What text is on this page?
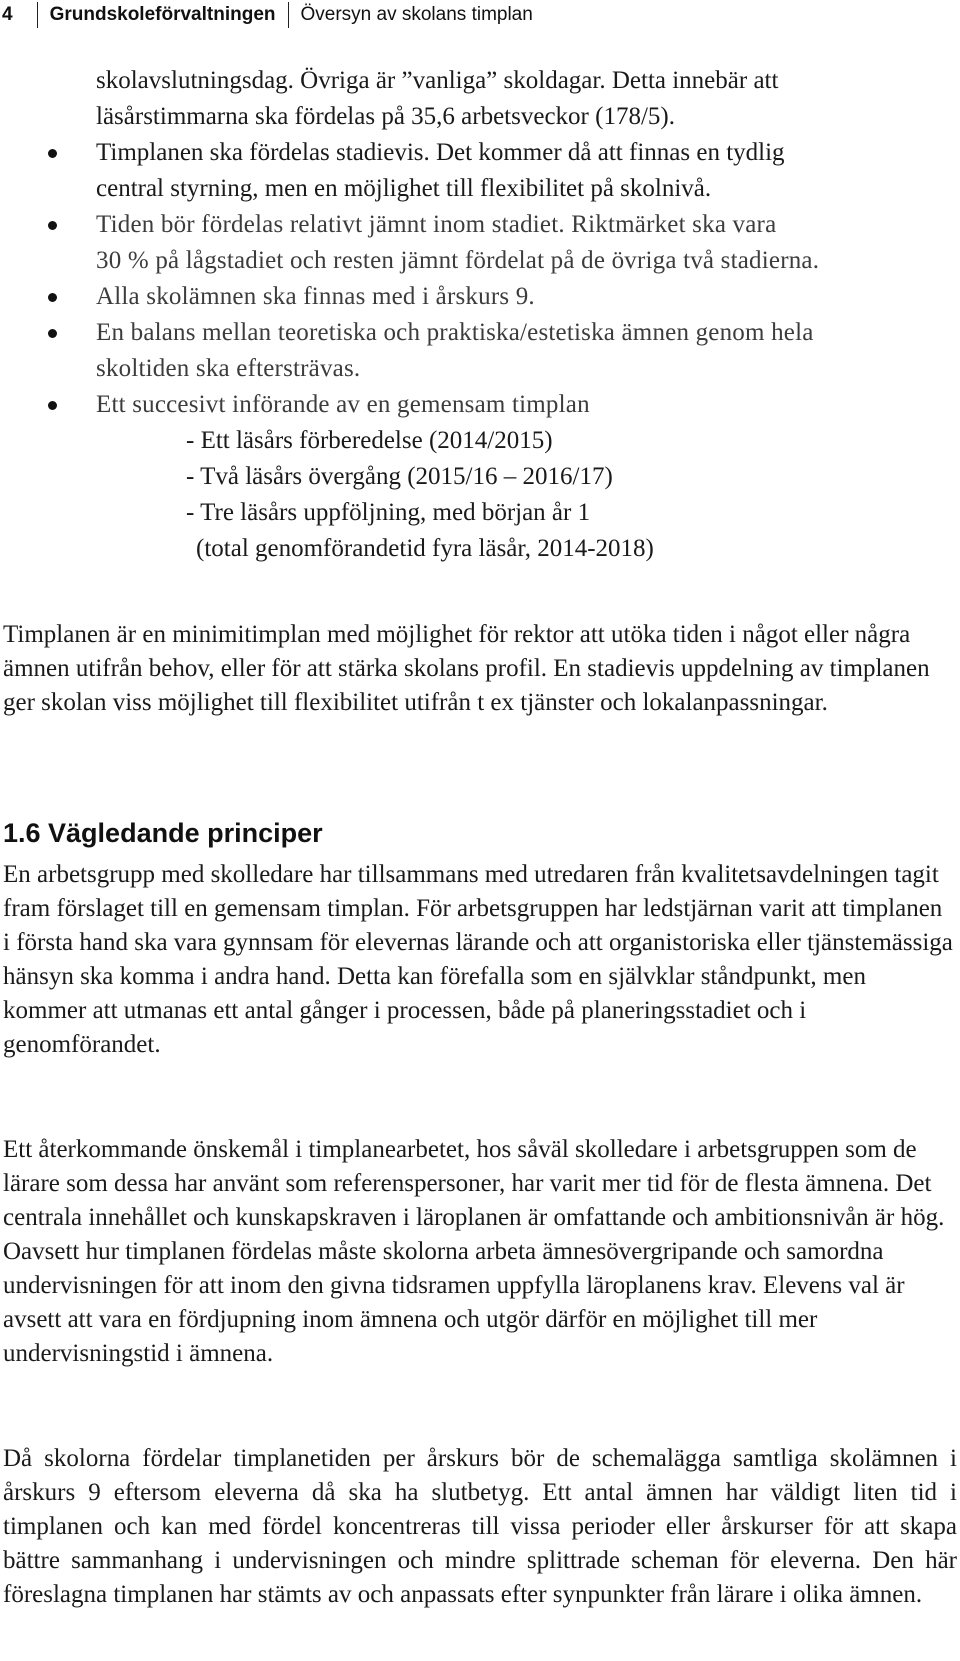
4 Grundskoleförvaltningen Översyn av skolans timplan
skolavslutningsdag. Övriga är ”vanliga” skoldagar. Detta innebär att
läsårstimmarna ska fördelas på 35,6 arbetsveckor (178/5).
Timplanen ska fördelas stadievis. Det kommer då att finnas en tydlig
central styrning, men en möjlighet till flexibilitet på skolnivå.
Tiden bör fördelas relativt jämnt inom stadiet. Riktmärket ska vara
30 % på lågstadiet och resten jämnt fördelat på de övriga två stadierna.
Alla skolämnen ska finnas med i årskurs 9.
En balans mellan teoretiska och praktiska/estetiska ämnen genom hela
skoltiden ska eftersträvas.
Ett succesivt införande av en gemensam timplan
- Ett läsårs förberedelse (2014/2015)
- Två läsårs övergång (2015/16 – 2016/17)
- Tre läsårs uppföljning, med början år 1
(total genomförandetid fyra läsår, 2014-2018)

Timplanen är en minimitimplan med möjlighet för rektor att utöka tiden i något eller några ämnen utifrån behov, eller för att stärka skolans profil. En stadievis uppdelning av timplanen ger skolan viss möjlighet till flexibilitet utifrån t ex tjänster och lokalanpassningar.

1.6 Vägledande principer

En arbetsgrupp med skolledare har tillsammans med utredaren från kvalitetsavdelningen tagit fram förslaget till en gemensam timplan. För arbetsgruppen har ledstjärnan varit att timplanen i första hand ska vara gynnsam för elevernas lärande och att organistoriska eller tjänstemässiga hänsyn ska komma i andra hand. Detta kan förefalla som en självklar ståndpunkt, men kommer att utmanas ett antal gånger i processen, både på planeringsstadiet och i genomförandet.

Ett återkommande önskemål i timplanearbetet, hos såväl skolledare i arbetsgruppen som de lärare som dessa har använt som referenspersoner, har varit mer tid för de flesta ämnena. Det centrala innehållet och kunskapskraven i läroplanen är omfattande och ambitionsnivån är hög. Oavsett hur timplanen fördelas måste skolorna arbeta ämnesövergripande och samordna undervisningen för att inom den givna tidsramen uppfylla läroplanens krav. Elevens val är avsett att vara en fördjupning inom ämnena och utgör därför en möjlighet till mer undervisningstid i ämnena.

Då skolorna fördelar timplanetiden per årskurs bör de schemalägga samtliga skolämnen i årskurs 9 eftersom eleverna då ska ha slutbetyg. Ett antal ämnen har väldigt liten tid i timplanen och kan med fördel koncentreras till vissa perioder eller årskurser för att skapa bättre sammanhang i undervisningen och mindre splittrade scheman för eleverna. Den här föreslagna timplanen har stämts av och anpassats efter synpunkter från lärare i olika ämnen.
